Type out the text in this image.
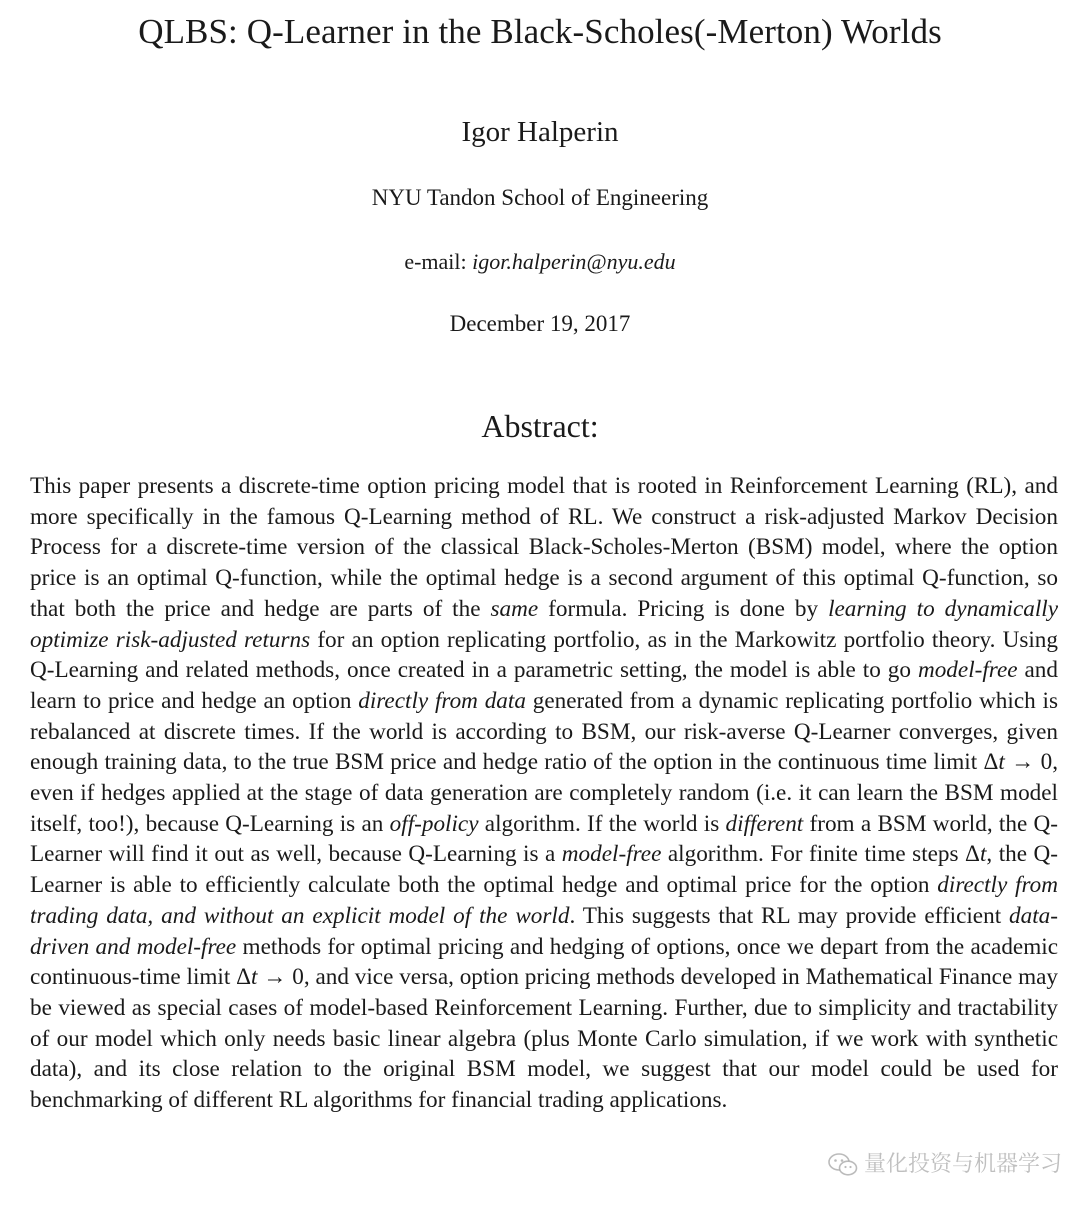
QLBS: Q-Learner in the Black-Scholes(-Merton) Worlds
Igor Halperin
NYU Tandon School of Engineering
e-mail: igor.halperin@nyu.edu
December 19, 2017
Abstract:

This paper presents a discrete-time option pricing model that is rooted in Reinforcement Learning (RL), and more specifically in the famous Q-Learning method of RL. We construct a risk-adjusted Markov Decision Process for a discrete-time version of the classical Black-Scholes-Merton (BSM) model, where the option price is an optimal Q-function, while the optimal hedge is a second argument of this optimal Q-function, so that both the price and hedge are parts of the same formula. Pricing is done by learning to dynamically optimize risk-adjusted returns for an option replicating portfolio, as in the Markowitz portfolio theory. Using Q-Learning and related methods, once created in a parametric setting, the model is able to go model-free and learn to price and hedge an option directly from data generated from a dynamic replicating portfolio which is rebalanced at discrete times. If the world is according to BSM, our risk-averse Q-Learner converges, given enough training data, to the true BSM price and hedge ratio of the option in the continuous time limit Δt → 0, even if hedges applied at the stage of data generation are completely random (i.e. it can learn the BSM model itself, too!), because Q-Learning is an off-policy algorithm. If the world is different from a BSM world, the Q-Learner will find it out as well, because Q-Learning is a model-free algorithm. For finite time steps Δt, the Q-Learner is able to efficiently calculate both the optimal hedge and optimal price for the option directly from trading data, and without an explicit model of the world. This suggests that RL may provide efficient data-driven and model-free methods for optimal pricing and hedging of options, once we depart from the academic continuous-time limit Δt → 0, and vice versa, option pricing methods developed in Mathematical Finance may be viewed as special cases of model-based Reinforcement Learning. Further, due to simplicity and tractability of our model which only needs basic linear algebra (plus Monte Carlo simulation, if we work with synthetic data), and its close relation to the original BSM model, we suggest that our model could be used for benchmarking of different RL algorithms for financial trading applications.

量化投资与机器学习
